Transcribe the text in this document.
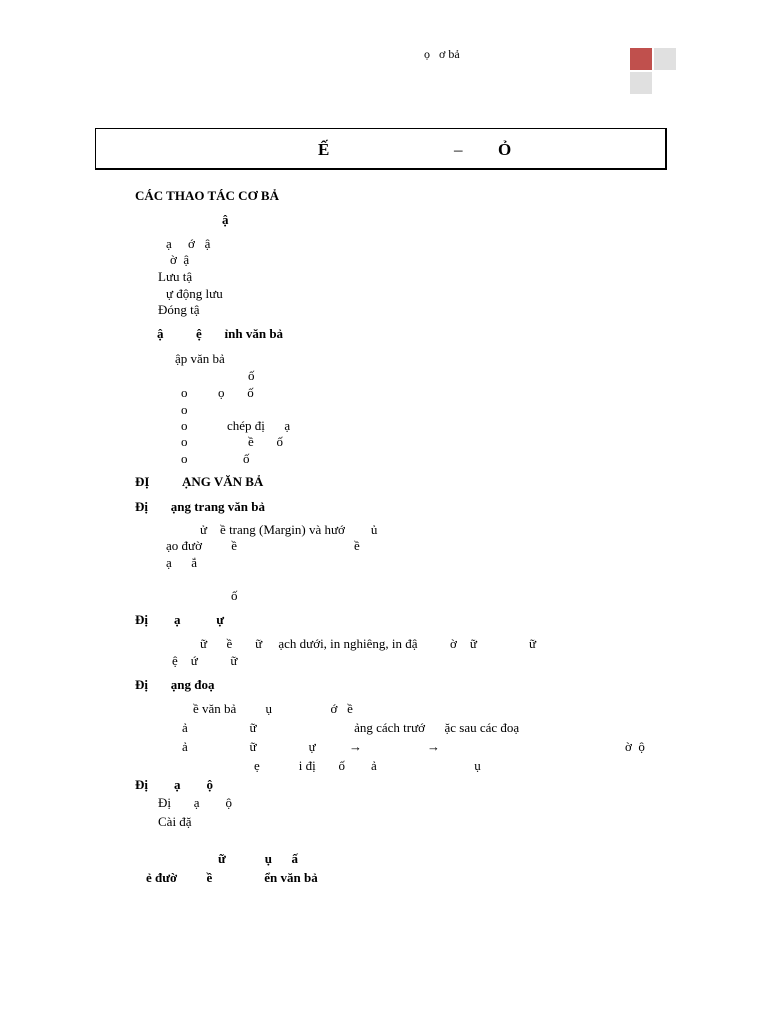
ọ   ơ bả
Ế	– Ỏ
CÁC THAO TÁC CƠ BẢ
ậ
ạ     ớ   ậ
ờ  ậ
Lưu tậ
ự động lưu
Đóng tậ
ậ          ệ       ỉnh văn bả
ập văn bả
ố
o ọ       ố
o
o	chép đị      ạ
o	ề       ố
o	ố
ĐỊ          ẠNG VĂN BẢ
Đị       ạng trang văn bả
ử    ề trang (Margin) và hướ        ủ
ạo đườ         ề                                    ề
ạ      ắ
ố
Đị        ạ           ự
ữ      ề       ữ     ạch dưới, in nghiêng, in đậ          ờ    ữ                ữ
ệ    ứ          ữ
Đị       ạng đoạ
ề văn bả         ụ                  ớ   ề
ả                   ữ                              ảng cách trướ      ặc sau các đoạ
ả                   ữ                ự	→	→	ờ  ộ
ẹ            i đị       ố        ả                              ụ
Đị        ạ        ộ
Đị       ạ        ộ
Cài đặ
ữ            ụ      ấ
ẻ đườ         ề                ển văn bả
